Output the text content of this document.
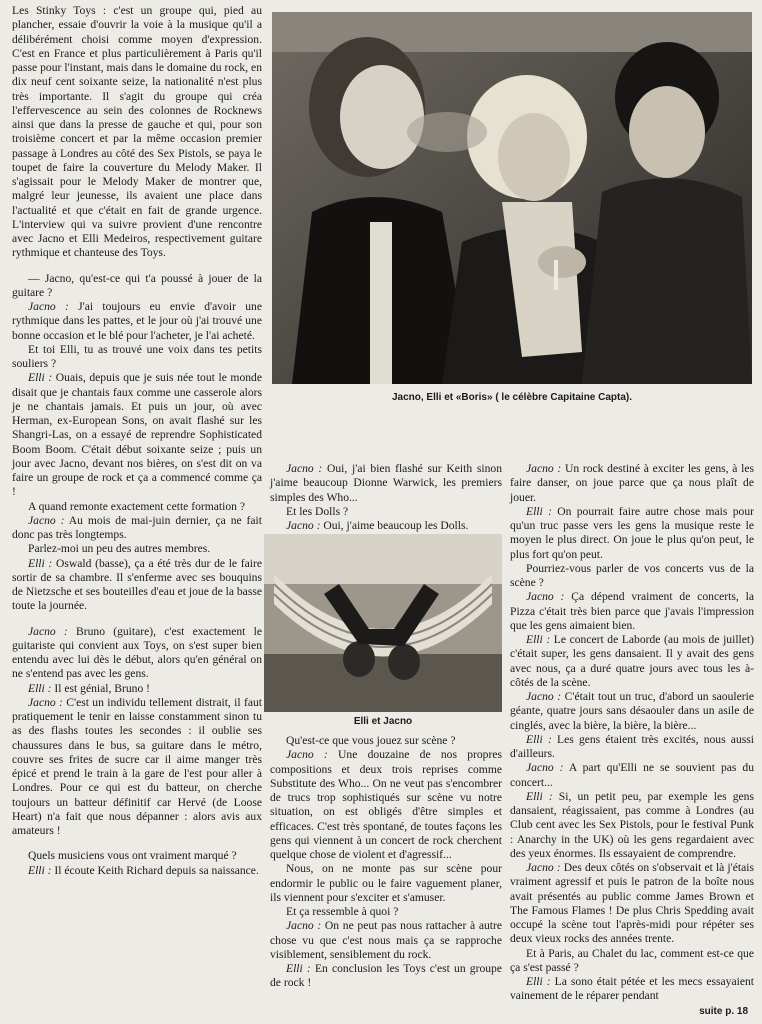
Les Stinky Toys : c'est un groupe qui, pied au plancher, essaie d'ouvrir la voie à la musique qu'il a délibérément choisi comme moyen d'expression. C'est en France et plus particulièrement à Paris qu'il passe pour l'instant, mais dans le domaine du rock, en dix neuf cent soixante seize, la nationalité n'est plus très importante. Il s'agit du groupe qui créa l'effervescence au sein des colonnes de Rocknews ainsi que dans la presse de gauche et qui, pour son troisième concert et par la même occasion premier passage à Londres au côté des Sex Pistols, se paya le toupet de faire la couverture du Melody Maker. Il s'agissait pour le Melody Maker de montrer que, malgré leur jeunesse, ils avaient une place dans l'actualité et que c'était en fait de grande urgence. L'interview qui va suivre provient d'une rencontre avec Jacno et Elli Medeiros, respectivement guitare rythmique et chanteuse des Toys.

— Jacno, qu'est-ce qui t'a poussé à jouer de la guitare ?

Jacno : J'ai toujours eu envie d'avoir une rythmique dans les pattes, et le jour où j'ai trouvé une bonne occasion et le blé pour l'acheter, je l'ai acheté.

Et toi Elli, tu as trouvé une voix dans tes petits souliers ?

Elli : Ouais, depuis que je suis née tout le monde disait que je chantais faux comme une casserole alors je ne chantais jamais. Et puis un jour, où avec Herman, ex-European Sons, on avait flashé sur les Shangri-Las, on a essayé de reprendre Sophisticated Boom Boom. C'était début soixante seize ; puis un jour avec Jacno, devant nos bières, on s'est dit on va faire un groupe de rock et ça a commencé comme ça !

A quand remonte exactement cette formation ?

Jacno : Au mois de mai-juin dernier, ça ne fait donc pas très longtemps.

Parlez-moi un peu des autres membres.

Elli : Oswald (basse), ça a été très dur de le faire sortir de sa chambre. Il s'enferme avec ses bouquins de Nietzsche et ses bouteilles d'eau et joue de la basse toute la journée.

Jacno : Bruno (guitare), c'est exactement le guitariste qui convient aux Toys, on s'est super bien entendu avec lui dès le début, alors qu'en général on ne s'entend pas avec les gens.

Elli : Il est génial, Bruno !

Jacno : C'est un individu tellement distrait, il faut pratiquement le tenir en laisse constamment sinon tu as des flashs toutes les secondes : il oublie ses chaussures dans le bus, sa guitare dans le métro, couvre ses frites de sucre car il aime manger très épicé et prend le train à la gare de l'est pour aller à Londres. Pour ce qui est du batteur, on cherche toujours un batteur définitif car Hervé (de Loose Heart) n'a fait que nous dépanner : alors avis aux amateurs !

Quels musiciens vous ont vraiment marqué ?

Elli : Il écoute Keith Richard depuis sa naissance.

Jacno, Elli et «Boris» ( le célèbre Capitaine Capta).

Jacno : Oui, j'ai bien flashé sur Keith sinon j'aime beaucoup Dionne Warwick, les premiers simples des Who...

Et les Dolls ?

Jacno : Oui, j'aime beaucoup les Dolls.

Elli et Jacno

Qu'est-ce que vous jouez sur scène ?

Jacno : Une douzaine de nos propres compositions et deux trois reprises comme Substitute des Who... On ne veut pas s'encombrer de trucs trop sophistiqués sur scène vu notre situation, on est obligés d'être simples et efficaces. C'est très spontané, de toutes façons les gens qui viennent à un concert de rock cherchent quelque chose de violent et d'agressif...

Nous, on ne monte pas sur scène pour endormir le public ou le faire vaguement planer, ils viennent pour s'exciter et s'amuser.

Et ça ressemble à quoi ?

Jacno : On ne peut pas nous rattacher à autre chose vu que c'est nous mais ça se rapproche visiblement, sensiblement du rock.

Elli : En conclusion les Toys c'est un groupe de rock !

Jacno : Un rock destiné à exciter les gens, à les faire danser, on joue parce que ça nous plaît de jouer.

Elli : On pourrait faire autre chose mais pour qu'un truc passe vers les gens la musique reste le moyen le plus direct. On joue le plus qu'on peut, le plus fort qu'on peut.

Pourriez-vous parler de vos concerts vus de la scène ?

Jacno : Ça dépend vraiment de concerts, la Pizza c'était très bien parce que j'avais l'impression que les gens aimaient bien.

Elli : Le concert de Laborde (au mois de juillet) c'était super, les gens dansaient. Il y avait des gens avec nous, ça a duré quatre jours avec tous les à-côtés de la scène.

Jacno : C'était tout un truc, d'abord un saoulerie géante, quatre jours sans désaouler dans un asile de cinglés, avec la bière, la bière, la bière...

Elli : Les gens étaient très excités, nous aussi d'ailleurs.

Jacno : A part qu'Elli ne se souvient pas du concert...

Elli : Si, un petit peu, par exemple les gens dansaient, réagissaient, pas comme à Londres (au Club cent avec les Sex Pistols, pour le festival Punk : Anarchy in the UK) où les gens regardaient avec des yeux énormes. Ils essayaient de comprendre.

Jacno : Des deux côtés on s'observait et là j'étais vraiment agressif et puis le patron de la boîte nous avait présentés au public comme James Brown et The Famous Flames ! De plus Chris Spedding avait occupé la scène tout l'après-midi pour répéter ses deux vieux rocks des années trente.

Et à Paris, au Chalet du lac, comment est-ce que ça s'est passé ?

Elli : La sono était pétée et les mecs essayaient vainement de le réparer pendant

suite p. 18
